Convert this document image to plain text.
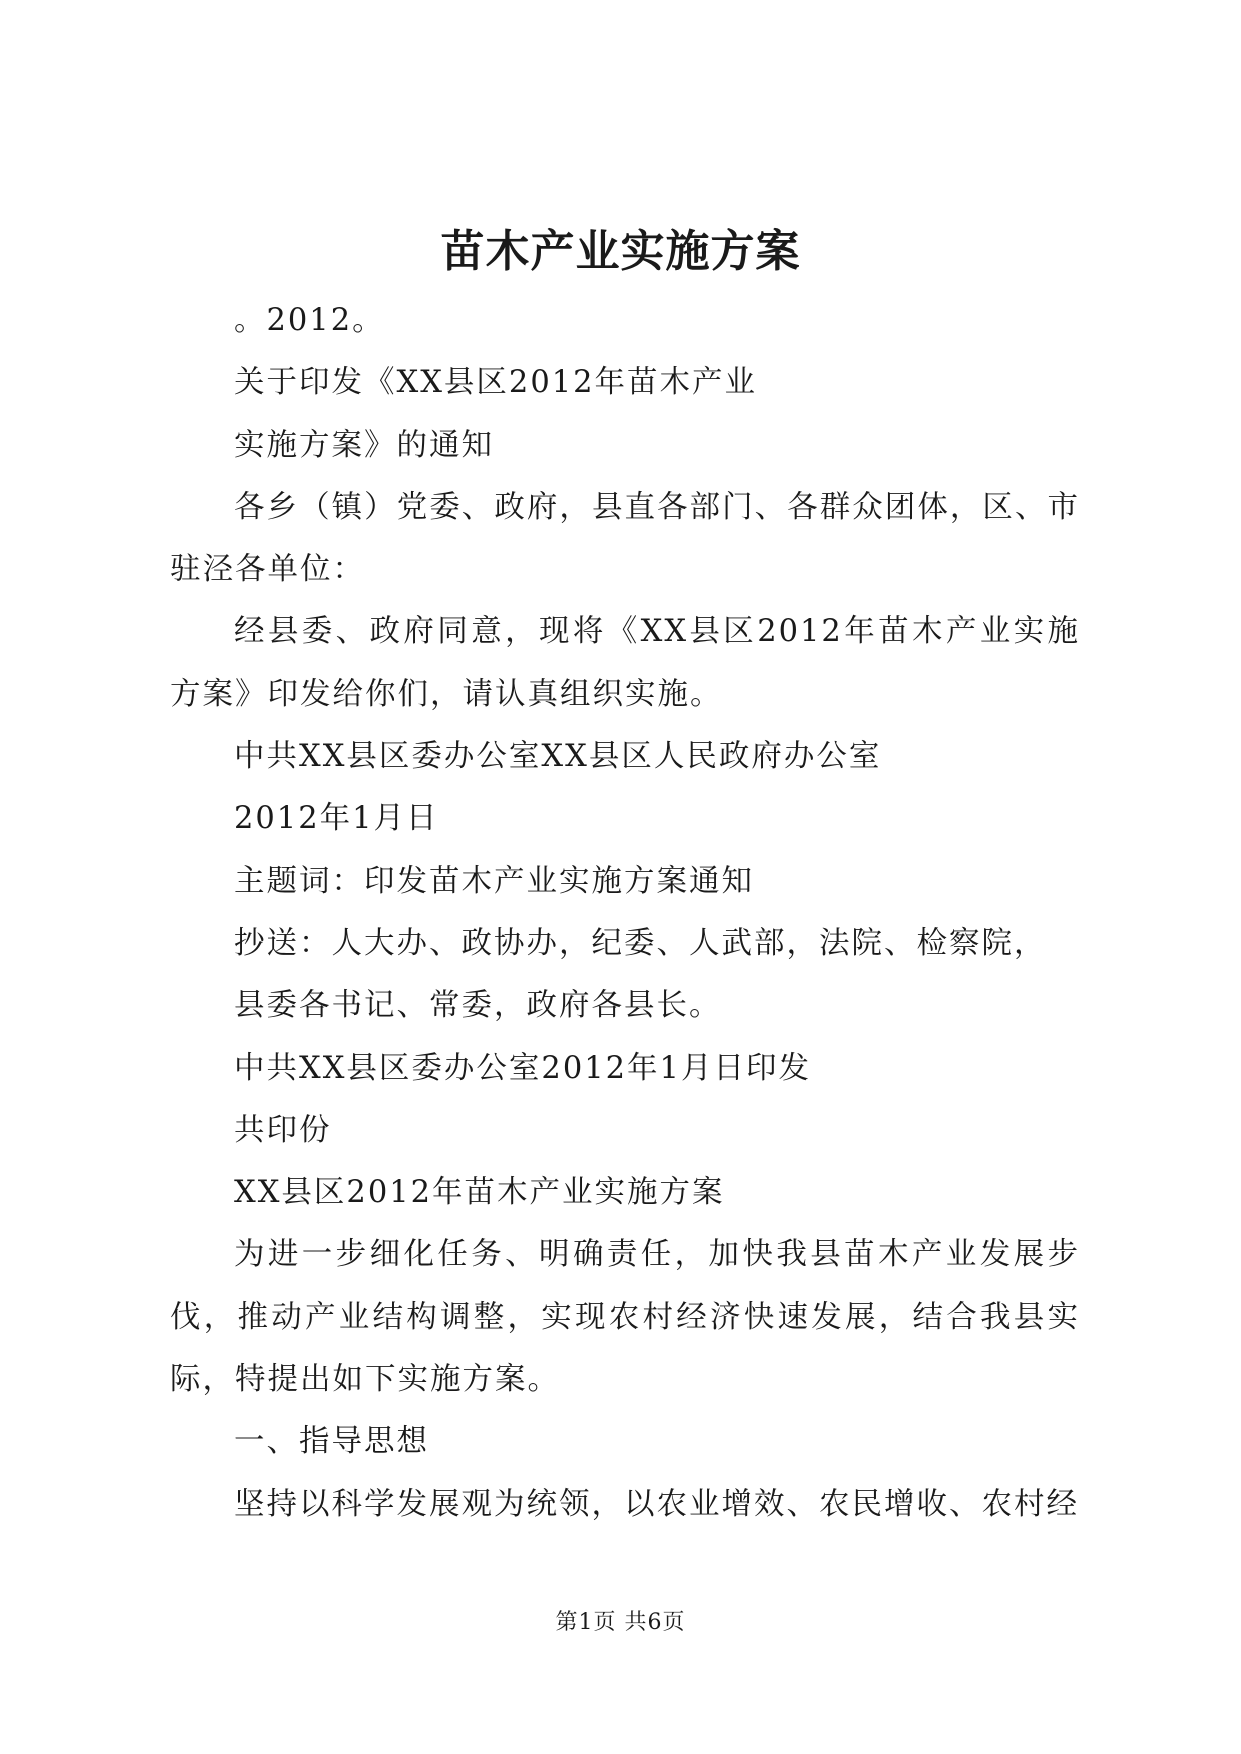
苗木产业实施方案

。2012。

关于印发《XX县区2012年苗木产业

实施方案》的通知

各乡（镇）党委、政府，县直各部门、各群众团体，区、市驻泾各单位：

经县委、政府同意，现将《XX县区2012年苗木产业实施方案》印发给你们，请认真组织实施。

中共XX县区委办公室XX县区人民政府办公室

2012年1月日

主题词：印发苗木产业实施方案通知

抄送：人大办、政协办，纪委、人武部，法院、检察院，

县委各书记、常委，政府各县长。

中共XX县区委办公室2012年1月日印发

共印份

XX县区2012年苗木产业实施方案

为进一步细化任务、明确责任，加快我县苗木产业发展步伐，推动产业结构调整，实现农村经济快速发展，结合我县实际，特提出如下实施方案。

一、指导思想

坚持以科学发展观为统领，以农业增效、农民增收、农村经

第1页 共6页
